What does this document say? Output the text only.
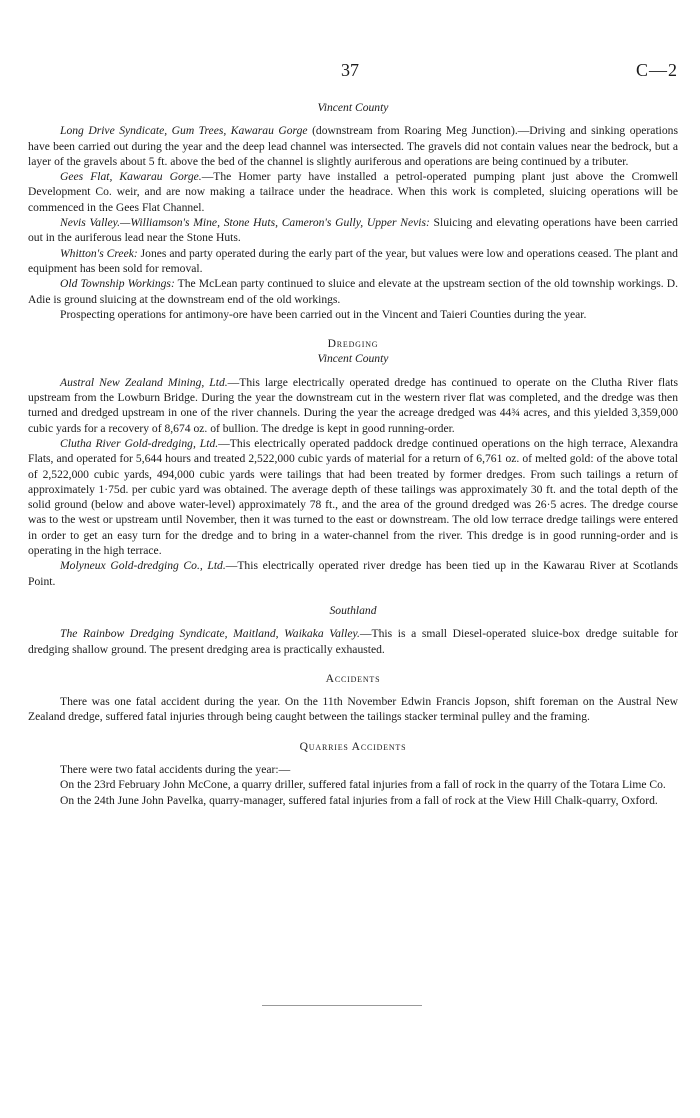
37	C—2
Vincent County

Long Drive Syndicate, Gum Trees, Kawarau Gorge (downstream from Roaring Meg Junction).—Driving and sinking operations have been carried out during the year and the deep lead channel was intersected. The gravels did not contain values near the bedrock, but a layer of the gravels about 5 ft. above the bed of the channel is slightly auriferous and operations are being continued by a tributer.

Gees Flat, Kawarau Gorge.—The Homer party have installed a petrol-operated pumping plant just above the Cromwell Development Co. weir, and are now making a tailrace under the headrace. When this work is completed, sluicing operations will be commenced in the Gees Flat Channel.

Nevis Valley.—Williamson's Mine, Stone Huts, Cameron's Gully, Upper Nevis: Sluicing and elevating operations have been carried out in the auriferous lead near the Stone Huts.

Whitton's Creek: Jones and party operated during the early part of the year, but values were low and operations ceased. The plant and equipment has been sold for removal.

Old Township Workings: The McLean party continued to sluice and elevate at the upstream section of the old township workings. D. Adie is ground sluicing at the downstream end of the old workings.

Prospecting operations for antimony-ore have been carried out in the Vincent and Taieri Counties during the year.

Dredging
Vincent County

Austral New Zealand Mining, Ltd.—This large electrically operated dredge has continued to operate on the Clutha River flats upstream from the Lowburn Bridge. During the year the downstream cut in the western river flat was completed, and the dredge was then turned and dredged upstream in one of the river channels. During the year the acreage dredged was 44¾ acres, and this yielded 3,359,000 cubic yards for a recovery of 8,674 oz. of bullion. The dredge is kept in good running-order.

Clutha River Gold-dredging, Ltd.—This electrically operated paddock dredge continued operations on the high terrace, Alexandra Flats, and operated for 5,644 hours and treated 2,522,000 cubic yards of material for a return of 6,761 oz. of melted gold: of the above total of 2,522,000 cubic yards, 494,000 cubic yards were tailings that had been treated by former dredges. From such tailings a return of approximately 1·75d. per cubic yard was obtained. The average depth of these tailings was approximately 30 ft. and the total depth of the solid ground (below and above water-level) approximately 78 ft., and the area of the ground dredged was 26·5 acres. The dredge course was to the west or upstream until November, then it was turned to the east or downstream. The old low terrace dredge tailings were entered in order to get an easy turn for the dredge and to bring in a water-channel from the river. This dredge is in good running-order and is operating in the high terrace.

Molyneux Gold-dredging Co., Ltd.—This electrically operated river dredge has been tied up in the Kawarau River at Scotlands Point.

Southland

The Rainbow Dredging Syndicate, Maitland, Waikaka Valley.—This is a small Diesel-operated sluice-box dredge suitable for dredging shallow ground. The present dredging area is practically exhausted.

Accidents

There was one fatal accident during the year. On the 11th November Edwin Francis Jopson, shift foreman on the Austral New Zealand dredge, suffered fatal injuries through being caught between the tailings stacker terminal pulley and the framing.

Quarries Accidents

There were two fatal accidents during the year:—

On the 23rd February John McCone, a quarry driller, suffered fatal injuries from a fall of rock in the quarry of the Totara Lime Co.

On the 24th June John Pavelka, quarry-manager, suffered fatal injuries from a fall of rock at the View Hill Chalk-quarry, Oxford.
